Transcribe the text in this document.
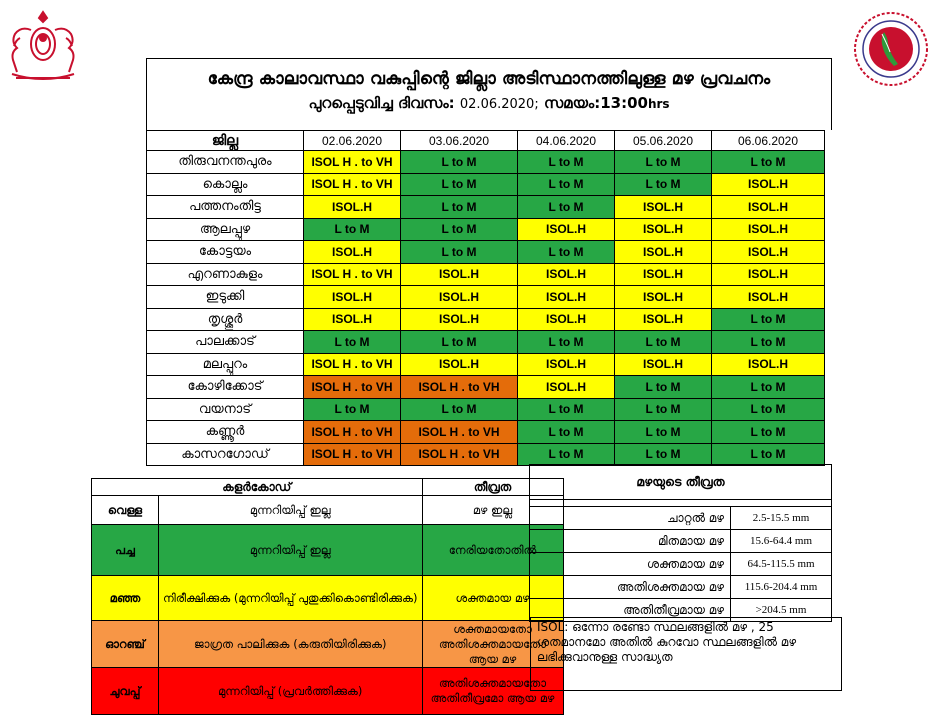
കേന്ദ്ര കാലാവസ്ഥാ വകുപ്പിന്റെ ജില്ലാ അടിസ്ഥാനത്തിലുള്ള മഴ പ്രവചനം
പുറപ്പെടുവിച്ച ദിവസം: 02.06.2020; സമയം:13:00hrs
ജില്ല	02.06.2020	03.06.2020	04.06.2020	05.06.2020	06.06.2020
തിരുവനന്തപുരം	ISOL H . to VH	L to M	L to M	L to M	L to M
കൊല്ലം	ISOL H . to VH	L to M	L to M	L to M	ISOL.H
പത്തനംതിട്ട	ISOL.H	L to M	L to M	ISOL.H	ISOL.H
ആലപ്പുഴ	L to M	L to M	ISOL.H	ISOL.H	ISOL.H
കോട്ടയം	ISOL.H	L to M	L to M	ISOL.H	ISOL.H
എറണാകുളം	ISOL H . to VH	ISOL.H	ISOL.H	ISOL.H	ISOL.H
ഇടുക്കി	ISOL.H	ISOL.H	ISOL.H	ISOL.H	ISOL.H
തൃശ്ശൂർ	ISOL.H	ISOL.H	ISOL.H	ISOL.H	L to M
പാലക്കാട്	L to M	L to M	L to M	L to M	L to M
മലപ്പുറം	ISOL H . to VH	ISOL.H	ISOL.H	ISOL.H	ISOL.H
കോഴിക്കോട്	ISOL H . to VH	ISOL H . to VH	ISOL.H	L to M	L to M
വയനാട്	L to M	L to M	L to M	L to M	L to M
കണ്ണൂർ	ISOL H . to VH	ISOL H . to VH	L to M	L to M	L to M
കാസറഗോഡ്	ISOL H . to VH	ISOL H . to VH	L to M	L to M	L to M
കളർകോഡ്		തീവ്രത
വെള്ള	മുന്നറിയിപ്പ് ഇല്ല	മഴ ഇല്ല
പച്ച	മുന്നറിയിപ്പ് ഇല്ല	നേരിയതോതിൽ
മഞ്ഞ	നിരീക്ഷിക്കുക (മുന്നറിയിപ്പ് പുതുക്കികൊണ്ടിരിക്കുക)	ശക്തമായ മഴ
ഓറഞ്ച്	ജാഗ്രത പാലിക്കുക (കരുതിയിരിക്കുക)	ശക്തമായതോ അതിശക്തമായതോ ആയ മഴ
ചുവപ്പ്	മുന്നറിയിപ്പ് (പ്രവർത്തിക്കുക)	അതിശക്തമായതോ അതിതീവ്രമോ ആയ മഴ
മഴയുടെ തീവ്രത	

ചാറ്റൽ മഴ	2.5-15.5 mm
മിതമായ മഴ	15.6-64.4 mm
ശക്തമായ മഴ	64.5-115.5 mm
അതിശക്തമായ മഴ	115.6-204.4 mm
അതിതീവ്രമായ മഴ	>204.5 mm
ISOL: ഒന്നോ രണ്ടോ സ്ഥലങ്ങളിൽ മഴ , 25 ശതമാനമോ അതിൽ കുറവോ സ്ഥലങ്ങളിൽ മഴ ലഭിക്കുവാനുള്ള സാദ്ധ്യത
